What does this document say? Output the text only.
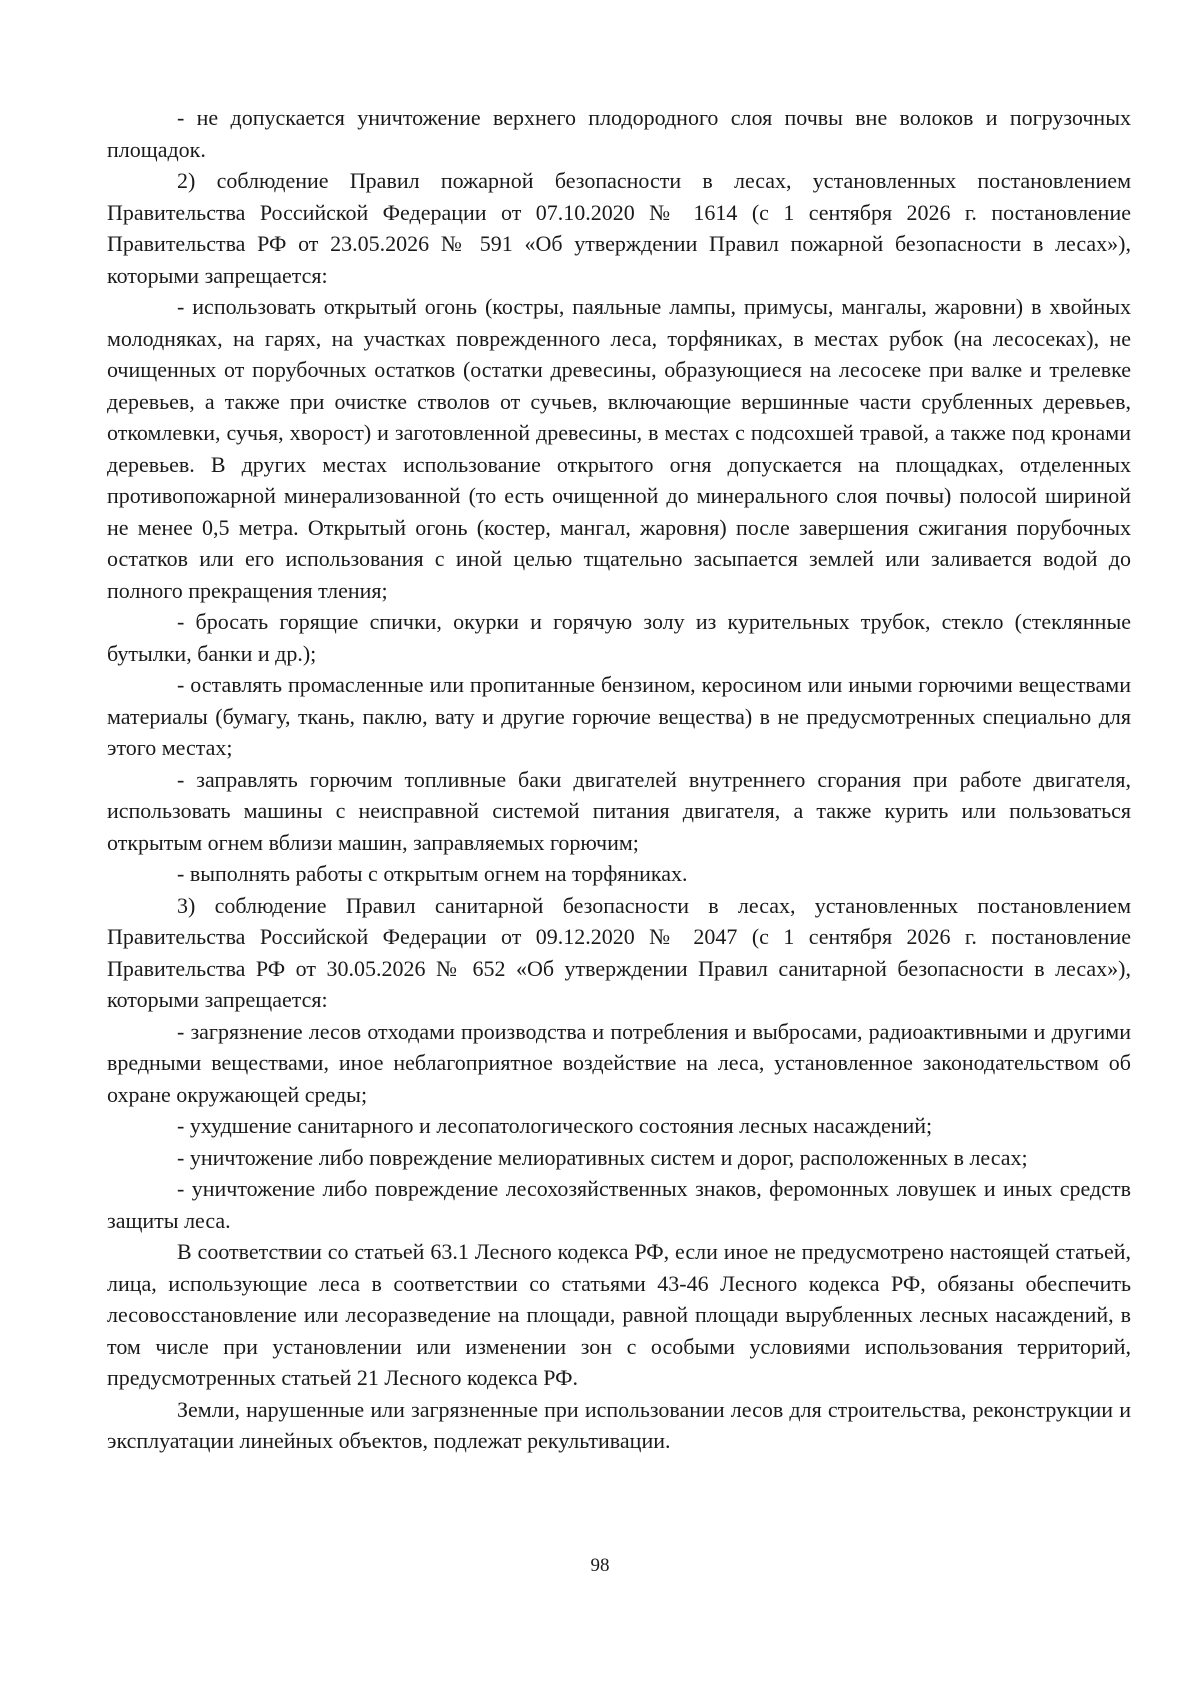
- не допускается уничтожение верхнего плодородного слоя почвы вне волоков и погрузочных площадок.

2) соблюдение Правил пожарной безопасности в лесах, установленных постановлением Правительства Российской Федерации от 07.10.2020 № 1614 (с 1 сентября 2026 г. постановление Правительства РФ от 23.05.2026 № 591 «Об утверждении Правил пожарной безопасности в лесах»), которыми запрещается:

- использовать открытый огонь (костры, паяльные лампы, примусы, мангалы, жаровни) в хвойных молодняках, на гарях, на участках поврежденного леса, торфяниках, в местах рубок (на лесосеках), не очищенных от порубочных остатков (остатки древесины, образующиеся на лесосеке при валке и трелевке деревьев, а также при очистке стволов от сучьев, включающие вершинные части срубленных деревьев, откомлевки, сучья, хворост) и заготовленной древесины, в местах с подсохшей травой, а также под кронами деревьев. В других местах использование открытого огня допускается на площадках, отделенных противопожарной минерализованной (то есть очищенной до минерального слоя почвы) полосой шириной не менее 0,5 метра. Открытый огонь (костер, мангал, жаровня) после завершения сжигания порубочных остатков или его использования с иной целью тщательно засыпается землей или заливается водой до полного прекращения тления;

- бросать горящие спички, окурки и горячую золу из курительных трубок, стекло (стеклянные бутылки, банки и др.);

- оставлять промасленные или пропитанные бензином, керосином или иными горючими веществами материалы (бумагу, ткань, паклю, вату и другие горючие вещества) в не предусмотренных специально для этого местах;

- заправлять горючим топливные баки двигателей внутреннего сгорания при работе двигателя, использовать машины с неисправной системой питания двигателя, а также курить или пользоваться открытым огнем вблизи машин, заправляемых горючим;

- выполнять работы с открытым огнем на торфяниках.

3) соблюдение Правил санитарной безопасности в лесах, установленных постановлением Правительства Российской Федерации от 09.12.2020 № 2047 (с 1 сентября 2026 г. постановление Правительства РФ от 30.05.2026 № 652 «Об утверждении Правил санитарной безопасности в лесах»), которыми запрещается:

- загрязнение лесов отходами производства и потребления и выбросами, радиоактивными и другими вредными веществами, иное неблагоприятное воздействие на леса, установленное законодательством об охране окружающей среды;

- ухудшение санитарного и лесопатологического состояния лесных насаждений;

- уничтожение либо повреждение мелиоративных систем и дорог, расположенных в лесах;

- уничтожение либо повреждение лесохозяйственных знаков, феромонных ловушек и иных средств защиты леса.

В соответствии со статьей 63.1 Лесного кодекса РФ, если иное не предусмотрено настоящей статьей, лица, использующие леса в соответствии со статьями 43-46 Лесного кодекса РФ, обязаны обеспечить лесовосстановление или лесоразведение на площади, равной площади вырубленных лесных насаждений, в том числе при установлении или изменении зон с особыми условиями использования территорий, предусмотренных статьей 21 Лесного кодекса РФ.

Земли, нарушенные или загрязненные при использовании лесов для строительства, реконструкции и эксплуатации линейных объектов, подлежат рекультивации.

98
